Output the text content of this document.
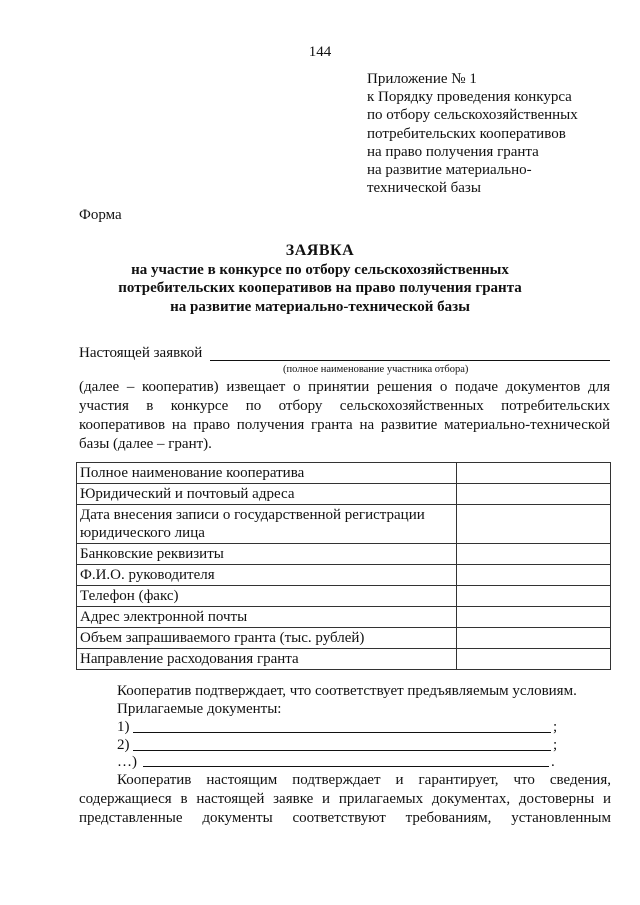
144
Приложение № 1
к Порядку проведения конкурса
по отбору сельскохозяйственных
потребительских кооперативов
на право получения гранта
на развитие материально-
технической базы
Форма
ЗАЯВКА
на участие в конкурсе по отбору сельскохозяйственных
потребительских кооперативов на право получения гранта
на развитие материально-технической базы
Настоящей заявкой
(полное наименование участника отбора)
(далее – кооператив) извещает о принятии решения о подаче документов для участия в конкурсе по отбору сельскохозяйственных потребительских кооперативов на право получения гранта на развитие материально-технической базы (далее – грант).
Полное наименование кооператива	
Юридический и почтовый адреса	
Дата внесения записи о государственной регистрации юридического лица	
Банковские реквизиты	
Ф.И.О. руководителя	
Телефон (факс)	
Адрес электронной почты	
Объем запрашиваемого гранта (тыс. рублей)	
Направление расходования гранта	
Кооператив подтверждает, что соответствует предъявляемым условиям.
Прилагаемые документы:
1)	;
2)	;
…)	.
Кооператив настоящим подтверждает и гарантирует, что сведения,
содержащиеся в настоящей заявке и прилагаемых документах, достоверны и представленные документы соответствуют требованиям, установленным
